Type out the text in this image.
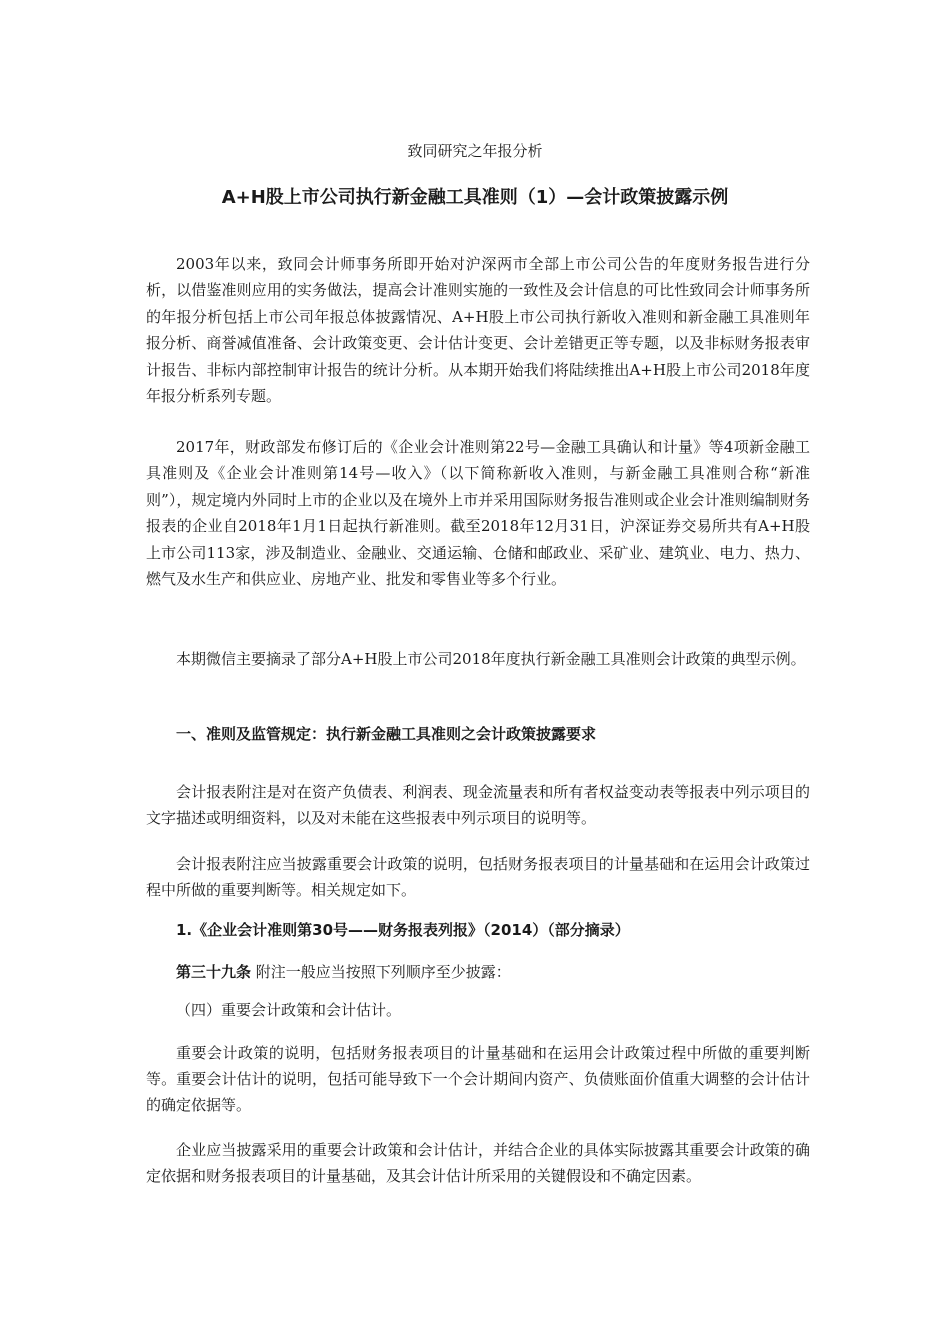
致同研究之年报分析
A+H股上市公司执行新金融工具准则（1）—会计政策披露示例

2003年以来，致同会计师事务所即开始对沪深两市全部上市公司公告的年度财务报告进行分析，以借鉴准则应用的实务做法，提高会计准则实施的一致性及会计信息的可比性致同会计师事务所的年报分析包括上市公司年报总体披露情况、A+H股上市公司执行新收入准则和新金融工具准则年报分析、商誉减值准备、会计政策变更、会计估计变更、会计差错更正等专题，以及非标财务报表审计报告、非标内部控制审计报告的统计分析。从本期开始我们将陆续推出A+H股上市公司2018年度年报分析系列专题。

2017年，财政部发布修订后的《企业会计准则第22号—金融工具确认和计量》等4项新金融工具准则及《企业会计准则第14号—收入》（以下简称新收入准则，与新金融工具准则合称“新准则”），规定境内外同时上市的企业以及在境外上市并采用国际财务报告准则或企业会计准则编制财务报表的企业自2018年1月1日起执行新准则。截至2018年12月31日，沪深证券交易所共有A+H股上市公司113家，涉及制造业、金融业、交通运输、仓储和邮政业、采矿业、建筑业、电力、热力、燃气及水生产和供应业、房地产业、批发和零售业等多个行业。

本期微信主要摘录了部分A+H股上市公司2018年度执行新金融工具准则会计政策的典型示例。

一、准则及监管规定：执行新金融工具准则之会计政策披露要求

会计报表附注是对在资产负债表、利润表、现金流量表和所有者权益变动表等报表中列示项目的文字描述或明细资料，以及对未能在这些报表中列示项目的说明等。

会计报表附注应当披露重要会计政策的说明，包括财务报表项目的计量基础和在运用会计政策过程中所做的重要判断等。相关规定如下。

1.《企业会计准则第30号——财务报表列报》（2014）（部分摘录）

第三十九条 附注一般应当按照下列顺序至少披露：

（四）重要会计政策和会计估计。

重要会计政策的说明，包括财务报表项目的计量基础和在运用会计政策过程中所做的重要判断等。重要会计估计的说明，包括可能导致下一个会计期间内资产、负债账面价值重大调整的会计估计的确定依据等。

企业应当披露采用的重要会计政策和会计估计，并结合企业的具体实际披露其重要会计政策的确定依据和财务报表项目的计量基础，及其会计估计所采用的关键假设和不确定因素。
